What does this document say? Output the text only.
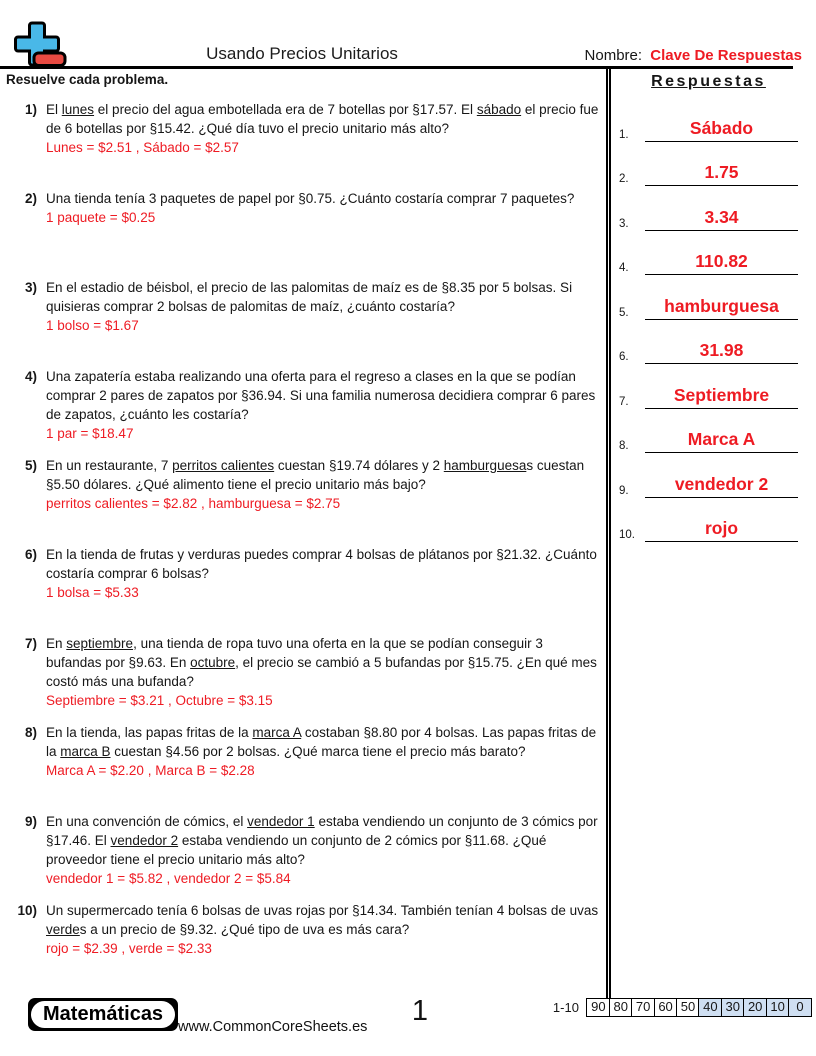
Usando Precios Unitarios	Nombre: Clave De Respuestas
Resuelve cada problema.
1) El lunes el precio del agua embotellada era de 7 botellas por §17.57. El sábado el precio fue de 6 botellas por §15.42. ¿Qué día tuvo el precio unitario más alto?
Lunes = $2.51 , Sábado = $2.57
2) Una tienda tenía 3 paquetes de papel por §0.75. ¿Cuánto costaría comprar 7 paquetes?
1 paquete = $0.25
3) En el estadio de béisbol, el precio de las palomitas de maíz es de §8.35 por 5 bolsas. Si quisieras comprar 2 bolsas de palomitas de maíz, ¿cuánto costaría?
1 bolso = $1.67
4) Una zapatería estaba realizando una oferta para el regreso a clases en la que se podían comprar 2 pares de zapatos por §36.94. Si una familia numerosa decidiera comprar 6 pares de zapatos, ¿cuánto les costaría?
1 par = $18.47
5) En un restaurante, 7 perritos calientes cuestan §19.74 dólares y 2 hamburguesas cuestan §5.50 dólares. ¿Qué alimento tiene el precio unitario más bajo?
perritos calientes = $2.82 , hamburguesa = $2.75
6) En la tienda de frutas y verduras puedes comprar 4 bolsas de plátanos por §21.32. ¿Cuánto costaría comprar 6 bolsas?
1 bolsa = $5.33
7) En septiembre, una tienda de ropa tuvo una oferta en la que se podían conseguir 3 bufandas por §9.63. En octubre, el precio se cambió a 5 bufandas por §15.75. ¿En qué mes costó más una bufanda?
Septiembre = $3.21 , Octubre = $3.15
8) En la tienda, las papas fritas de la marca A costaban §8.80 por 4 bolsas. Las papas fritas de la marca B cuestan §4.56 por 2 bolsas. ¿Qué marca tiene el precio más barato?
Marca A = $2.20 , Marca B = $2.28
9) En una convención de cómics, el vendedor 1 estaba vendiendo un conjunto de 3 cómics por §17.46. El vendedor 2 estaba vendiendo un conjunto de 2 cómics por §11.68. ¿Qué proveedor tiene el precio unitario más alto?
vendedor 1 = $5.82 , vendedor 2 = $5.84
10) Un supermercado tenía 6 bolsas de uvas rojas por §14.34. También tenían 4 bolsas de uvas verdes a un precio de §9.32. ¿Qué tipo de uva es más cara?
rojo = $2.39 , verde = $2.33
Respuestas
1.	Sábado
2.	1.75
3.	3.34
4.	110.82
5.	hamburguesa
6.	31.98
7.	Septiembre
8.	Marca A
9.	vendedor 2
10.	rojo
Matemáticas
www.CommonCoreSheets.es	1	1-10 90 80 70 60 50 40 30 20 10 0
